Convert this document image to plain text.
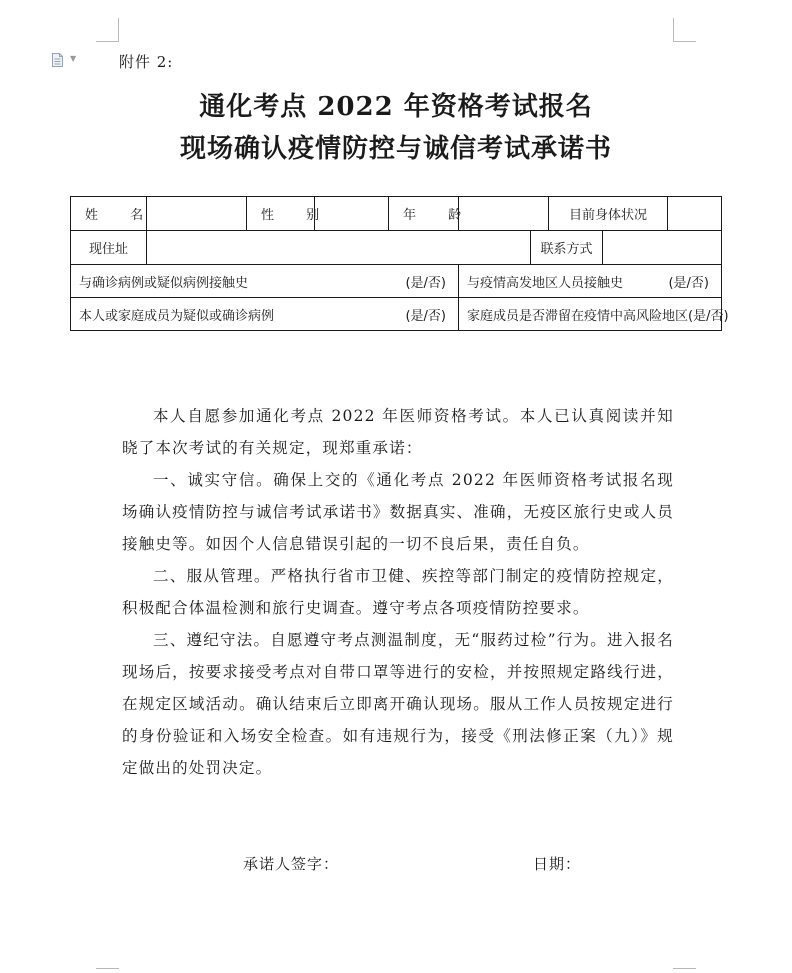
▼	附件 2:
通化考点 2022 年资格考试报名
现场确认疫情防控与诚信考试承诺书
姓 名		性 别		年 龄			目前身体状况		
现住址						联系方式			

与确诊病例或疑似病例接触史 (是/否)					与疫情高发地区人员接触史 (是/否)				

本人或家庭成员为疑似或确诊病例 (是/否)					家庭成员是否滞留在疫情中高风险地区 (是/否)				

本人自愿参加通化考点 2022 年医师资格考试。本人已认真阅读并知晓了本次考试的有关规定，现郑重承诺：

一、诚实守信。确保上交的《通化考点 2022 年医师资格考试报名现场确认疫情防控与诚信考试承诺书》数据真实、准确，无疫区旅行史或人员接触史等。如因个人信息错误引起的一切不良后果，责任自负。

二、服从管理。严格执行省市卫健、疾控等部门制定的疫情防控规定，积极配合体温检测和旅行史调查。遵守考点各项疫情防控要求。

三、遵纪守法。自愿遵守考点测温制度，无“服药过检”行为。进入报名现场后，按要求接受考点对自带口罩等进行的安检，并按照规定路线行进，在规定区域活动。确认结束后立即离开确认现场。服从工作人员按规定进行的身份验证和入场安全检查。如有违规行为，接受《刑法修正案（九）》规定做出的处罚决定。

承诺人签字：	日期：
